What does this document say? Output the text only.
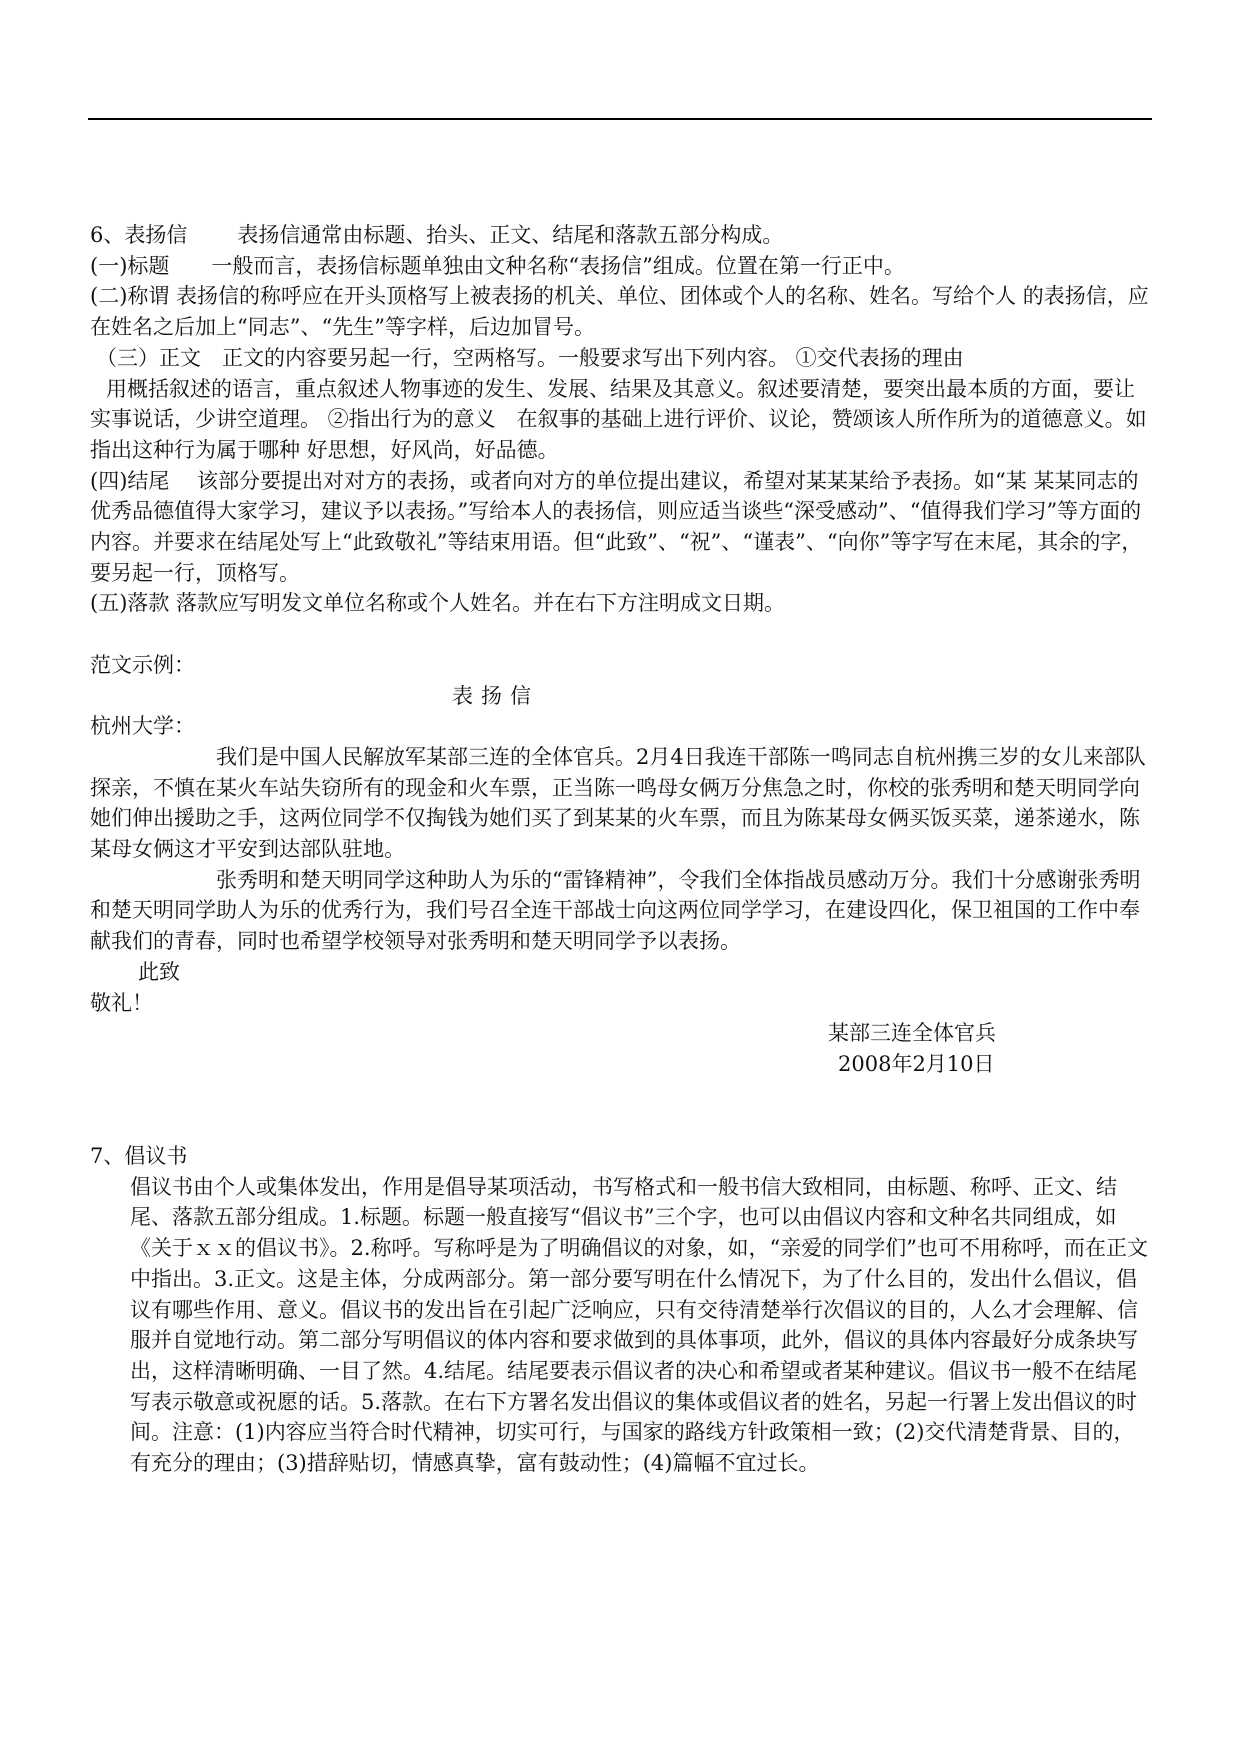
6、表扬信 表扬信通常由标题、抬头、正文、结尾和落款五部分构成。

(一)标题　　一般而言，表扬信标题单独由文种名称“表扬信”组成。位置在第一行正中。

(二)称谓 表扬信的称呼应在开头顶格写上被表扬的机关、单位、团体或个人的名称、姓名。写给个人 的表扬信，应在姓名之后加上“同志”、“先生”等字样，后边加冒号。

（三）正文　正文的内容要另起一行，空两格写。一般要求写出下列内容。 ①交代表扬的理由

用概括叙述的语言，重点叙述人物事迹的发生、发展、结果及其意义。叙述要清楚，要突出最本质的方面，要让实事说话，少讲空道理。 ②指出行为的意义　在叙事的基础上进行评价、议论，赞颂该人所作所为的道德意义。如指出这种行为属于哪种 好思想，好风尚，好品德。

(四)结尾　 该部分要提出对对方的表扬，或者向对方的单位提出建议，希望对某某某给予表扬。如“某 某某同志的优秀品德值得大家学习，建议予以表扬。”写给本人的表扬信，则应适当谈些“深受感动”、“值得我们学习”等方面的内容。并要求在结尾处写上“此致敬礼”等结束用语。但“此致”、“祝”、“谨表”、“向你”等字写在末尾，其余的字，要另起一行，顶格写。

(五)落款 落款应写明发文单位名称或个人姓名。并在右下方注明成文日期。

范文示例：

表扬信

杭州大学：

我们是中国人民解放军某部三连的全体官兵。2月4日我连干部陈一鸣同志自杭州携三岁的女儿来部队探亲，不慎在某火车站失窃所有的现金和火车票，正当陈一鸣母女俩万分焦急之时，你校的张秀明和楚天明同学向她们伸出援助之手，这两位同学不仅掏钱为她们买了到某某的火车票，而且为陈某母女俩买饭买菜，递茶递水，陈某母女俩这才平安到达部队驻地。

张秀明和楚天明同学这种助人为乐的“雷锋精神”，令我们全体指战员感动万分。我们十分感谢张秀明和楚天明同学助人为乐的优秀行为，我们号召全连干部战士向这两位同学学习，在建设四化，保卫祖国的工作中奉献我们的青春，同时也希望学校领导对张秀明和楚天明同学予以表扬。

此致

敬礼！

某部三连全体官兵

2008年2月10日

7、倡议书

倡议书由个人或集体发出，作用是倡导某项活动，书写格式和一般书信大致相同，由标题、称呼、正文、结尾、落款五部分组成。1.标题。标题一般直接写“倡议书”三个字，也可以由倡议内容和文种名共同组成，如《关于ｘｘ的倡议书》。2.称呼。写称呼是为了明确倡议的对象，如，“亲爱的同学们”也可不用称呼，而在正文中指出。3.正文。这是主体，分成两部分。第一部分要写明在什么情况下，为了什么目的，发出什么倡议，倡议有哪些作用、意义。倡议书的发出旨在引起广泛响应，只有交待清楚举行次倡议的目的，人么才会理解、信服并自觉地行动。第二部分写明倡议的体内容和要求做到的具体事项，此外，倡议的具体内容最好分成条块写出，这样清晰明确、一目了然。4.结尾。结尾要表示倡议者的决心和希望或者某种建议。倡议书一般不在结尾写表示敬意或祝愿的话。5.落款。在右下方署名发出倡议的集体或倡议者的姓名，另起一行署上发出倡议的时间。注意：(1)内容应当符合时代精神，切实可行，与国家的路线方针政策相一致；(2)交代清楚背景、目的，有充分的理由；(3)措辞贴切，情感真挚，富有鼓动性；(4)篇幅不宜过长。
